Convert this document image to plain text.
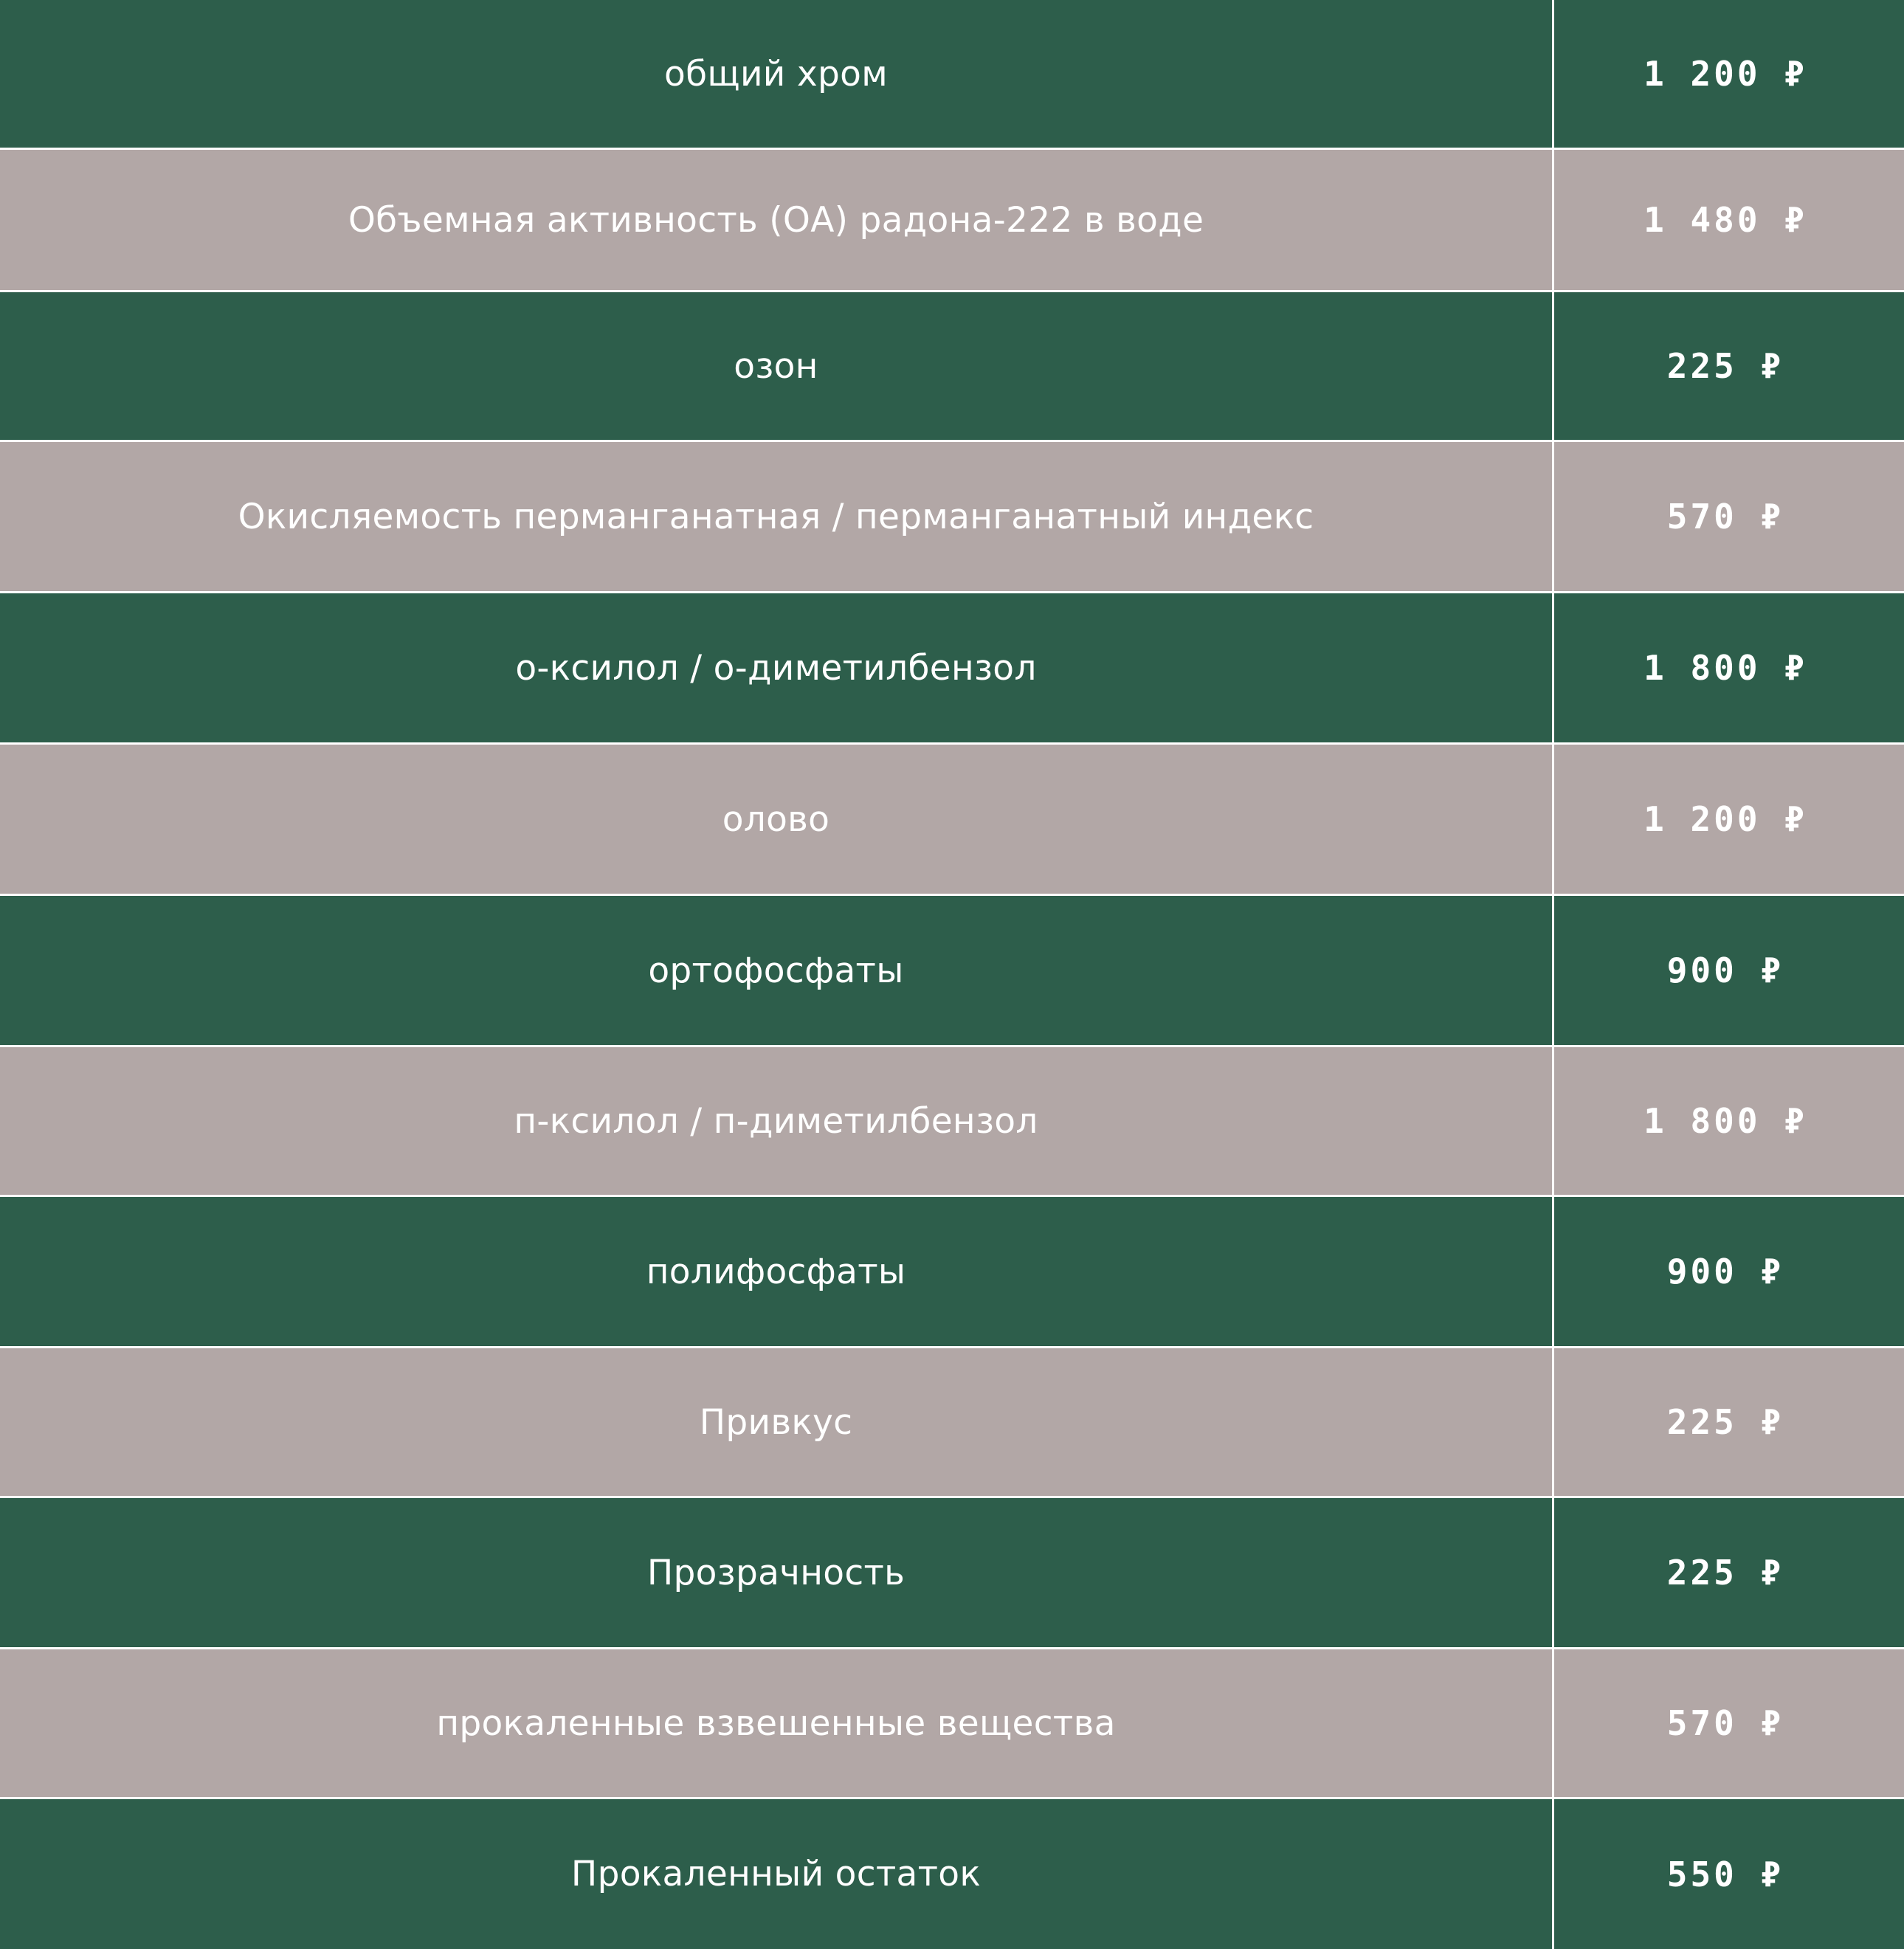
общий хром	1 200 ₽
Объемная активность (ОА) радона-222 в воде	1 480 ₽
озон	225 ₽
Окисляемость перманганатная / перманганатный индекс	570 ₽
о-ксилол / о-диметилбензол	1 800 ₽
олово	1 200 ₽
ортофосфаты	900 ₽
п-ксилол / п-диметилбензол	1 800 ₽
полифосфаты	900 ₽
Привкус	225 ₽
Прозрачность	225 ₽
прокаленные взвешенные вещества	570 ₽
Прокаленный остаток	550 ₽
